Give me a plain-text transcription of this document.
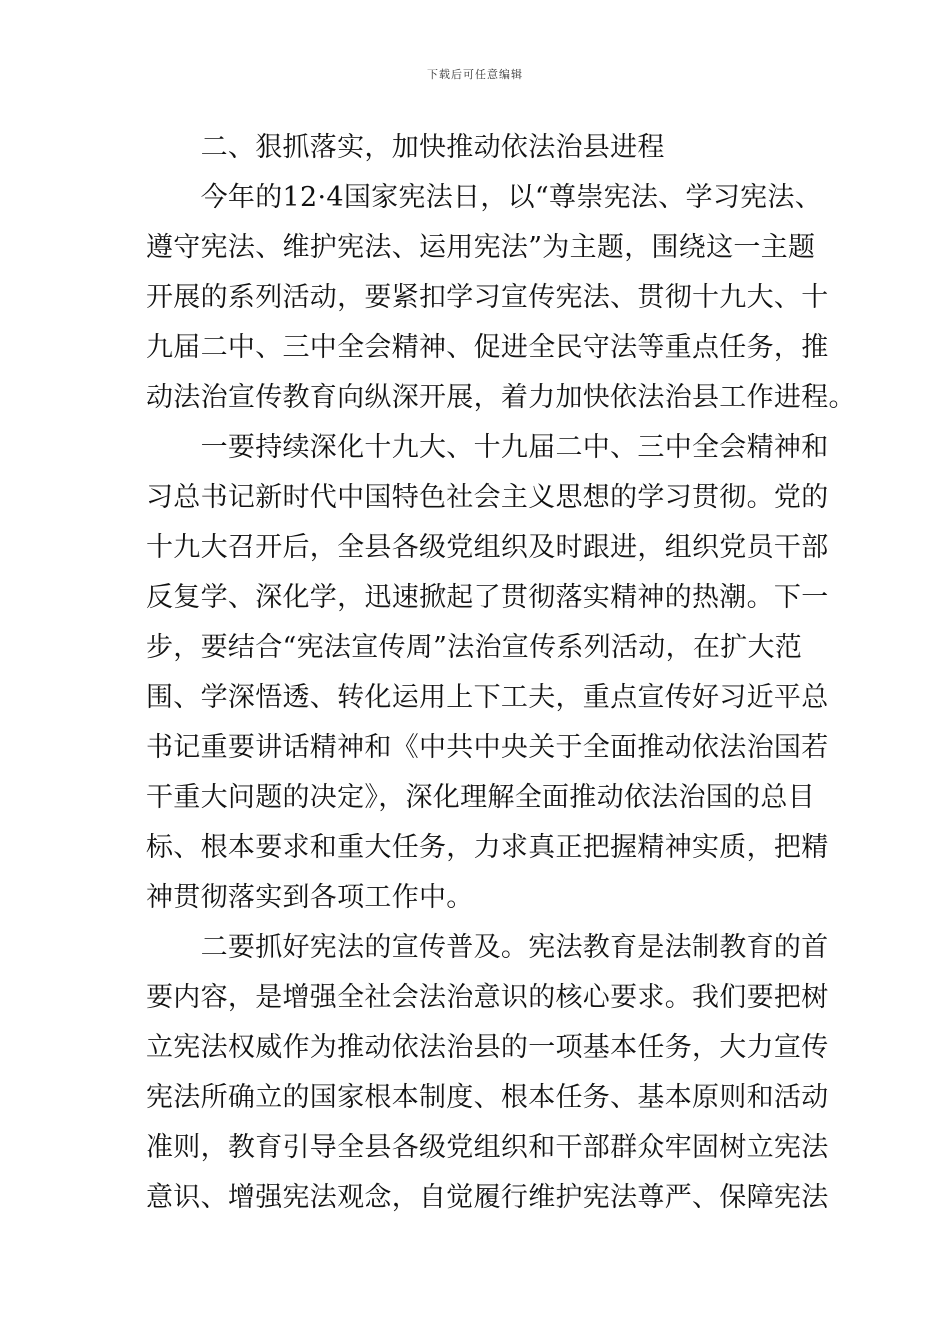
下载后可任意编辑
　　二、狠抓落实，加快推动依法治县进程
　　今年的12·4国家宪法日，以“尊崇宪法、学习宪法、
遵守宪法、维护宪法、运用宪法”为主题，围绕这一主题
开展的系列活动，要紧扣学习宣传宪法、贯彻十九大、十
九届二中、三中全会精神、促进全民守法等重点任务，推
动法治宣传教育向纵深开展，着力加快依法治县工作进程。
　　一要持续深化十九大、十九届二中、三中全会精神和
习总书记新时代中国特色社会主义思想的学习贯彻。党的
十九大召开后，全县各级党组织及时跟进，组织党员干部
反复学、深化学，迅速掀起了贯彻落实精神的热潮。下一
步，要结合“宪法宣传周”法治宣传系列活动，在扩大范
围、学深悟透、转化运用上下工夫，重点宣传好习近平总
书记重要讲话精神和《中共中央关于全面推动依法治国若
干重大问题的决定》，深化理解全面推动依法治国的总目
标、根本要求和重大任务，力求真正把握精神实质，把精
神贯彻落实到各项工作中。
　　二要抓好宪法的宣传普及。宪法教育是法制教育的首
要内容，是增强全社会法治意识的核心要求。我们要把树
立宪法权威作为推动依法治县的一项基本任务，大力宣传
宪法所确立的国家根本制度、根本任务、基本原则和活动
准则，教育引导全县各级党组织和干部群众牢固树立宪法
意识、增强宪法观念，自觉履行维护宪法尊严、保障宪法
